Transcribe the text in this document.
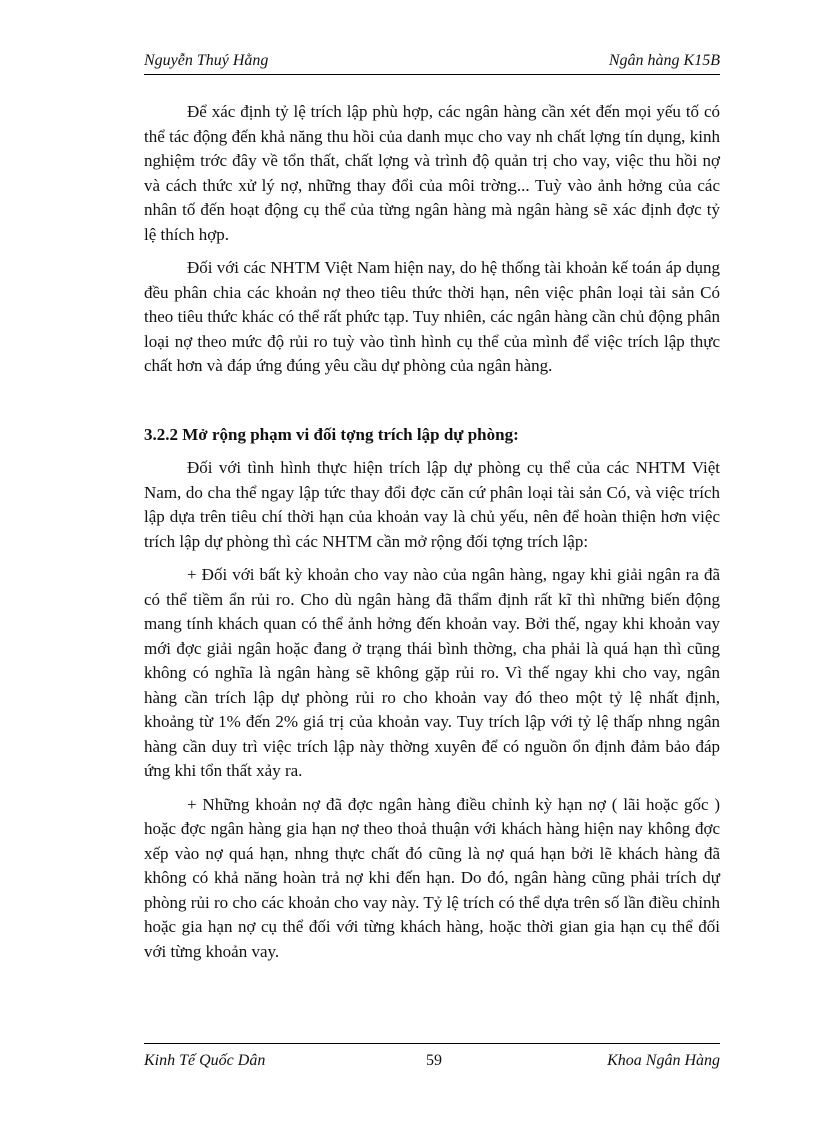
Nguyễn Thuý Hằng	Ngân hàng K15B

Để xác định tỷ lệ trích lập phù hợp, các ngân hàng cần xét đến mọi yếu tố có thể tác động đến khả năng thu hồi của danh mục cho vay nh chất lợng tín dụng, kinh nghiệm trớc đây về tổn thất, chất lợng và trình độ quản trị cho vay, việc thu hồi nợ và cách thức xử lý nợ, những thay đổi của môi trờng... Tuỳ vào ảnh hởng của các nhân tố đến hoạt động cụ thể của từng ngân hàng mà ngân hàng sẽ xác định đợc tỷ lệ thích hợp.

Đối với các NHTM Việt Nam hiện nay, do hệ thống tài khoản kế toán áp dụng đều phân chia các khoản nợ theo tiêu thức thời hạn, nên việc phân loại tài sản Có theo tiêu thức khác có thể rất phức tạp. Tuy nhiên, các ngân hàng cần chủ động phân loại nợ theo mức độ rủi ro tuỳ vào tình hình cụ thể của mình để việc trích lập thực chất hơn và đáp ứng đúng yêu cầu dự phòng của ngân hàng.

3.2.2 Mở rộng phạm vi đối tợng trích lập dự phòng:

Đối với tình hình thực hiện trích lập dự phòng cụ thể của các NHTM Việt Nam, do cha thể ngay lập tức thay đổi đợc căn cứ phân loại tài sản Có, và việc trích lập dựa trên tiêu chí thời hạn của khoản vay là chủ yếu, nên để hoàn thiện hơn việc trích lập dự phòng thì các NHTM cần mở rộng đối tợng trích lập:

+ Đối với bất kỳ khoản cho vay nào của ngân hàng, ngay khi giải ngân ra đã có thể tiềm ẩn rủi ro. Cho dù ngân hàng đã thẩm định rất kĩ thì những biến động mang tính khách quan có thể ảnh hởng đến khoản vay. Bởi thế, ngay khi khoản vay mới đợc giải ngân hoặc đang ở trạng thái bình thờng, cha phải là quá hạn thì cũng không có nghĩa là ngân hàng sẽ không gặp rủi ro. Vì thế ngay khi cho vay, ngân hàng cần trích lập dự phòng rủi ro cho khoản vay đó theo một tỷ lệ nhất định, khoảng từ 1% đến 2% giá trị của khoản vay. Tuy trích lập với tỷ lệ thấp nhng ngân hàng cần duy trì việc trích lập này thờng xuyên để có nguồn ổn định đảm bảo đáp ứng khi tổn thất xảy ra.

+ Những khoản nợ đã đợc ngân hàng điều chỉnh kỳ hạn nợ ( lãi hoặc gốc ) hoặc đợc ngân hàng gia hạn nợ theo thoả thuận với khách hàng hiện nay không đợc xếp vào nợ quá hạn, nhng thực chất đó cũng là nợ quá hạn bởi lẽ khách hàng đã không có khả năng hoàn trả nợ khi đến hạn. Do đó, ngân hàng cũng phải trích dự phòng rủi ro cho các khoản cho vay này. Tỷ lệ trích có thể dựa trên số lần điều chỉnh hoặc gia hạn nợ cụ thể đối với từng khách hàng, hoặc thời gian gia hạn cụ thể đối với từng khoản vay.

Kinh Tế Quốc Dân	59	Khoa Ngân Hàng
